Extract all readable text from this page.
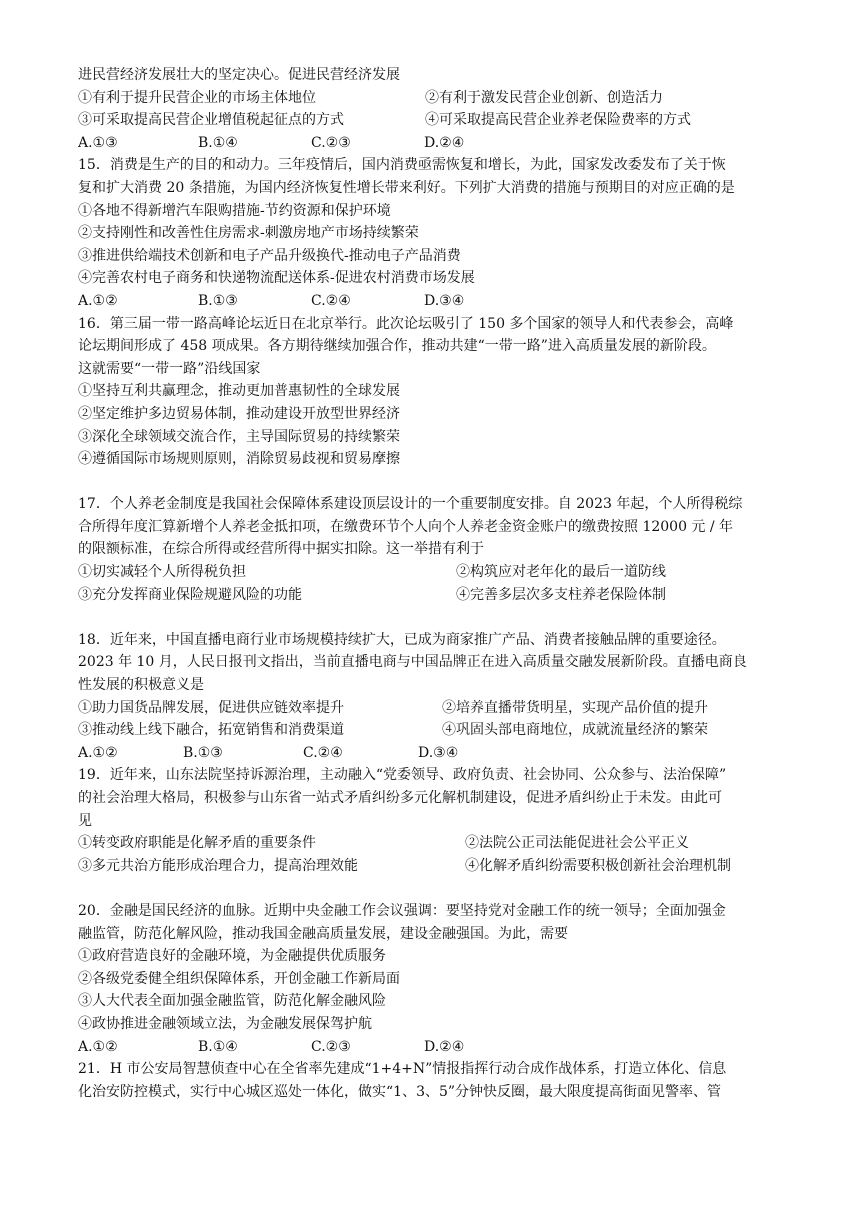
进民营经济发展壮大的坚定决心。促进民营经济发展
①有利于提升民营企业的市场主体地位	②有利于激发民营企业创新、创造活力
③可采取提高民营企业增值税起征点的方式	④可采取提高民营企业养老保险费率的方式
A.①③	B.①④	C.②③	D.②④
15．消费是生产的目的和动力。三年疫情后，国内消费亟需恢复和增长，为此，国家发改委发布了关于恢
复和扩大消费 20 条措施，为国内经济恢复性增长带来利好。下列扩大消费的措施与预期目的对应正确的是
①各地不得新增汽车限购措施-节约资源和保护环境
②支持刚性和改善性住房需求-刺激房地产市场持续繁荣
③推进供给端技术创新和电子产品升级换代-推动电子产品消费
④完善农村电子商务和快递物流配送体系-促进农村消费市场发展
A.①②	B.①③	C.②④	D.③④
16．第三届一带一路高峰论坛近日在北京举行。此次论坛吸引了 150 多个国家的领导人和代表参会，高峰
论坛期间形成了 458 项成果。各方期待继续加强合作，推动共建“一带一路”进入高质量发展的新阶段。
这就需要“一带一路”沿线国家
①坚持互利共赢理念，推动更加普惠韧性的全球发展
②坚定维护多边贸易体制，推动建设开放型世界经济
③深化全球领域交流合作，主导国际贸易的持续繁荣
④遵循国际市场规则原则，消除贸易歧视和贸易摩擦

17．个人养老金制度是我国社会保障体系建设顶层设计的一个重要制度安排。自 2023 年起，个人所得税综
合所得年度汇算新增个人养老金抵扣项，在缴费环节个人向个人养老金资金账户的缴费按照 12000 元 / 年
的限额标准，在综合所得或经营所得中据实扣除。这一举措有利于
①切实减轻个人所得税负担	②构筑应对老年化的最后一道防线
③充分发挥商业保险规避风险的功能	④完善多层次多支柱养老保险体制

18．近年来，中国直播电商行业市场规模持续扩大，已成为商家推广产品、消费者接触品牌的重要途径。
2023 年 10 月，人民日报刊文指出，当前直播电商与中国品牌正在进入高质量交融发展新阶段。直播电商良
性发展的积极意义是
①助力国货品牌发展，促进供应链效率提升	②培养直播带货明星，实现产品价值的提升
③推动线上线下融合，拓宽销售和消费渠道	④巩固头部电商地位，成就流量经济的繁荣
A.①②	B.①③	C.②④	D.③④
19．近年来，山东法院坚持诉源治理，主动融入“党委领导、政府负责、社会协同、公众参与、法治保障”
的社会治理大格局，积极参与山东省一站式矛盾纠纷多元化解机制建设，促进矛盾纠纷止于未发。由此可
见
①转变政府职能是化解矛盾的重要条件	②法院公正司法能促进社会公平正义
③多元共治方能形成治理合力，提高治理效能	④化解矛盾纠纷需要积极创新社会治理机制

20．金融是国民经济的血脉。近期中央金融工作会议强调：要坚持党对金融工作的统一领导；全面加强金
融监管，防范化解风险，推动我国金融高质量发展，建设金融强国。为此，需要
①政府营造良好的金融环境，为金融提供优质服务
②各级党委健全组织保障体系，开创金融工作新局面
③人大代表全面加强金融监管，防范化解金融风险
④政协推进金融领域立法，为金融发展保驾护航
A.①②	B.①④	C.②③	D.②④
21．H 市公安局智慧侦查中心在全省率先建成“1+4+N”情报指挥行动合成作战体系，打造立体化、信息
化治安防控模式，实行中心城区巡处一体化，做实“1、3、5”分钟快反圈，最大限度提高街面见警率、管
